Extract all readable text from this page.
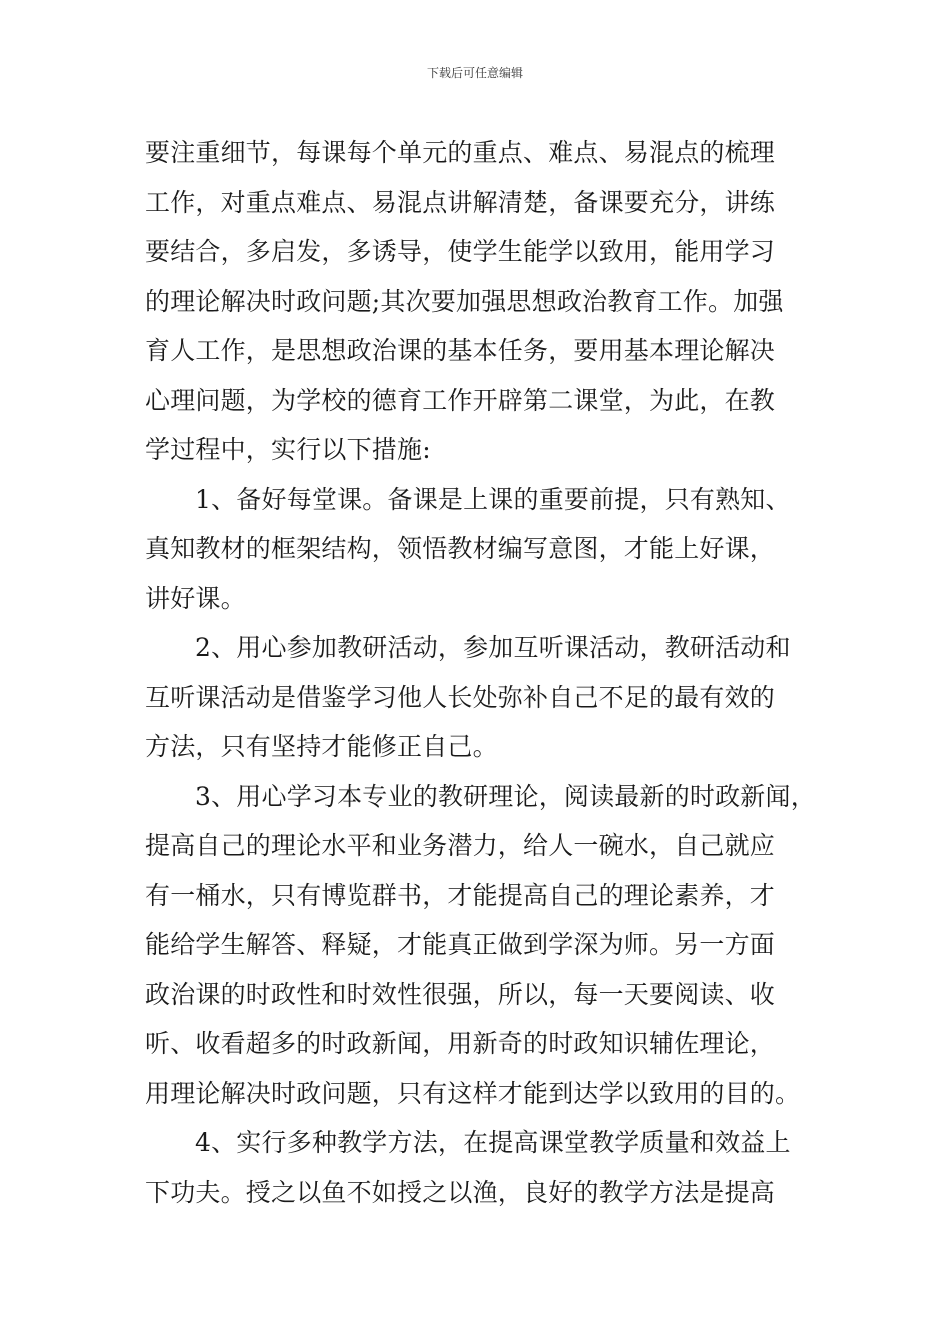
下载后可任意编辑
要注重细节，每课每个单元的重点、难点、易混点的梳理
工作，对重点难点、易混点讲解清楚，备课要充分，讲练
要结合，多启发，多诱导，使学生能学以致用，能用学习
的理论解决时政问题;其次要加强思想政治教育工作。加强
育人工作，是思想政治课的基本任务，要用基本理论解决
心理问题，为学校的德育工作开辟第二课堂，为此，在教
学过程中，实行以下措施:
1、备好每堂课。备课是上课的重要前提，只有熟知、
真知教材的框架结构，领悟教材编写意图，才能上好课，
讲好课。
2、用心参加教研活动，参加互听课活动，教研活动和
互听课活动是借鉴学习他人长处弥补自己不足的最有效的
方法，只有坚持才能修正自己。
3、用心学习本专业的教研理论，阅读最新的时政新闻，
提高自己的理论水平和业务潜力，给人一碗水，自己就应
有一桶水，只有博览群书，才能提高自己的理论素养，才
能给学生解答、释疑，才能真正做到学深为师。另一方面
政治课的时政性和时效性很强，所以，每一天要阅读、收
听、收看超多的时政新闻，用新奇的时政知识辅佐理论，
用理论解决时政问题，只有这样才能到达学以致用的目的。
4、实行多种教学方法，在提高课堂教学质量和效益上
下功夫。授之以鱼不如授之以渔，良好的教学方法是提高
